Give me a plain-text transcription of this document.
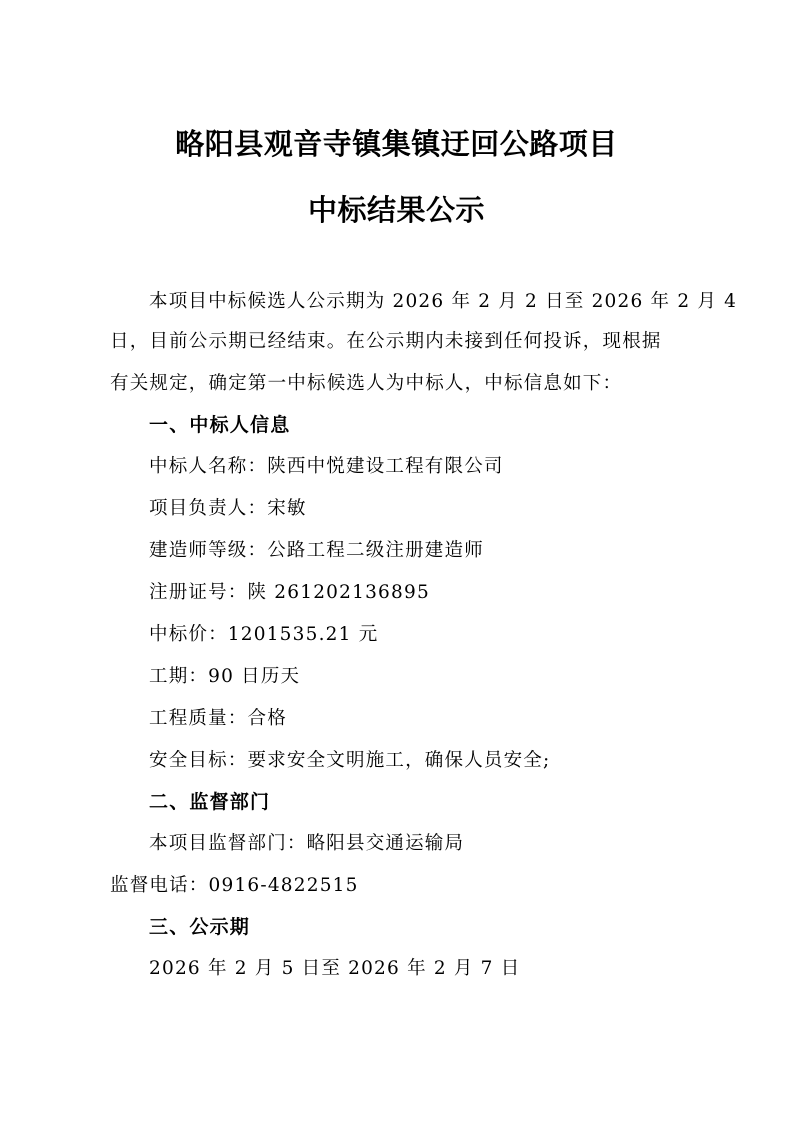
略阳县观音寺镇集镇迂回公路项目
中标结果公示
本项目中标候选人公示期为 2026 年 2 月 2 日至 2026 年 2 月 4
日，目前公示期已经结束。在公示期内未接到任何投诉，现根据
有关规定，确定第一中标候选人为中标人，中标信息如下：
一、中标人信息
中标人名称：陕西中悦建设工程有限公司
项目负责人：宋敏
建造师等级：公路工程二级注册建造师
注册证号：陕 261202136895
中标价：1201535.21 元
工期：90 日历天
工程质量：合格
安全目标：要求安全文明施工，确保人员安全;
二、监督部门
本项目监督部门：略阳县交通运输局
监督电话：0916-4822515
三、公示期
2026 年 2 月 5 日至 2026 年 2 月 7 日
